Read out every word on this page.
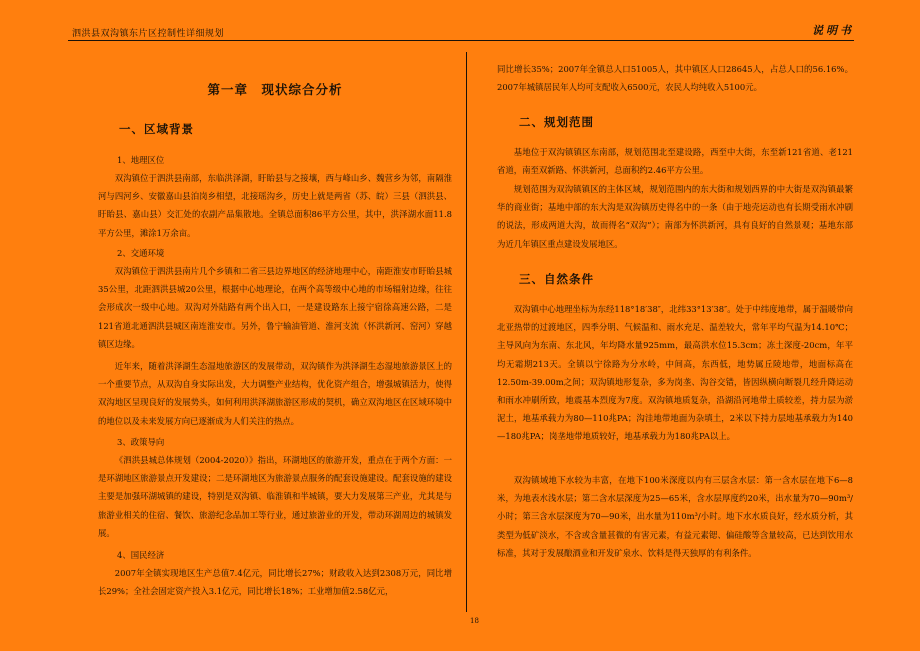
泗洪县双沟镇东片区控制性详细规划	说明书
第一章　现状综合分析
一、区域背景
1、地理区位
双沟镇位于泗洪县南部，东临洪泽湖，盱眙县与之接壤，西与峰山乡、魏营乡为邻，南隔淮河与四河乡、安徽嘉山县泊岗乡相望，北接瑶沟乡，历史上就是两省（苏、皖）三县（泗洪县、盱眙县、嘉山县）交汇处的农副产品集散地。全镇总面积86平方公里，其中，洪泽湖水面11.8平方公里，滩涂1万余亩。
2、交通环境
双沟镇位于泗洪县南片几个乡镇和二省三县边界地区的经济地理中心，南距淮安市盱眙县城35公里，北距泗洪县城20公里，根据中心地理论，在两个高等级中心地的市场辐射边缘，往往会形成次一级中心地。双沟对外陆路有两个出入口，一是建设路东上接宁宿徐高速公路，二是121省道北通泗洪县城区南连淮安市。另外，鲁宁输油管道、淮河支流（怀洪新河、窑河）穿越镇区边缘。
近年来，随着洪泽湖生态湿地旅游区的发展带动，双沟镇作为洪泽湖生态湿地旅游景区上的一个重要节点，从双沟自身实际出发，大力调整产业结构，优化资产组合，增强城镇活力，使得双沟地区呈现良好的发展势头，如何利用洪泽湖旅游区形成的契机，确立双沟地区在区域环境中的地位以及未来发展方向已逐渐成为人们关注的热点。
3、政策导向
《泗洪县城总体规划（2004-2020）》指出，环湖地区的旅游开发，重点在于两个方面：一是环湖地区旅游景点开发建设；二是环湖地区为旅游景点服务的配套设施建设。配套设施的建设主要是加强环湖城镇的建设，特别是双沟镇、临淮镇和半城镇，要大力发展第三产业，尤其是与旅游业相关的住宿、餐饮、旅游纪念品加工等行业，通过旅游业的开发，带动环湖周边的城镇发展。
4、国民经济
2007年全镇实现地区生产总值7.4亿元，同比增长27%；财政收入达到2308万元，同比增长29%；全社会固定资产投入3.1亿元，同比增长18%；工业增加值2.58亿元，
同比增长35%；2007年全镇总人口51005人，其中镇区人口28645人，占总人口的56.16%。2007年城镇居民年人均可支配收入6500元，农民人均纯收入5100元。
二、规划范围
基地位于双沟镇镇区东南部，规划范围北至建设路，西至中大街，东至新121省道、老121省道，南至双新路、怀洪新河，总面积约2.46平方公里。
规划范围为双沟镇镇区的主体区域，规划范围内的东大街和规划西界的中大街是双沟镇最繁华的商业街；基地中部的东大沟是双沟镇历史得名中的一条（由于地壳运动也有长期受雨水冲刷的说法，形成两道大沟，故而得名“双沟”）；南部为怀洪新河，具有良好的自然景观；基地东部为近几年镇区重点建设发展地区。
三、自然条件
双沟镇中心地理坐标为东经118°18′38″，北纬33°13′38″。处于中纬度地带，属于温暖带向北亚热带的过渡地区，四季分明、气候温和、雨水充足、温差较大，常年平均气温为14.10℃；主导风向为东南、东北风，年均降水量925mm，最高洪水位15.3cm；冻土深度-20cm，年平均无霜期213天。全镇以宁徐路为分水岭，中间高，东西低，地势属丘陵地带，地面标高在12.50m-39.00m之间；双沟镇地形复杂，多为岗垄、沟谷交错，皆因纵横向断裂几经升降运动和雨水冲刷所致，地震基本烈度为7度。双沟镇地质复杂，沿湖沿河地带土质较差，持力层为淤泥土，地基承载力为80—110兆PA；沟洼地带地面为杂填土，2米以下持力层地基承载力为140—180兆PA；岗垄地带地质较好，地基承载力为180兆PA以上。
双沟镇域地下水较为丰富，在地下100米深度以内有三层含水层：第一含水层在地下6—8米，为地表水浅水层；第二含水层深度为25—65米，含水层厚度约20米，出水量为70—90m³/小时；第三含水层深度为70—90米，出水量为110m³/小时。地下水水质良好，经水质分析，其类型为低矿淡水，不含或含量甚微的有害元素，有益元素锶、偏硅酸等含量较高，已达到饮用水标准，其对于发展酿酒业和开发矿泉水、饮料是得天独厚的有利条件。
18
